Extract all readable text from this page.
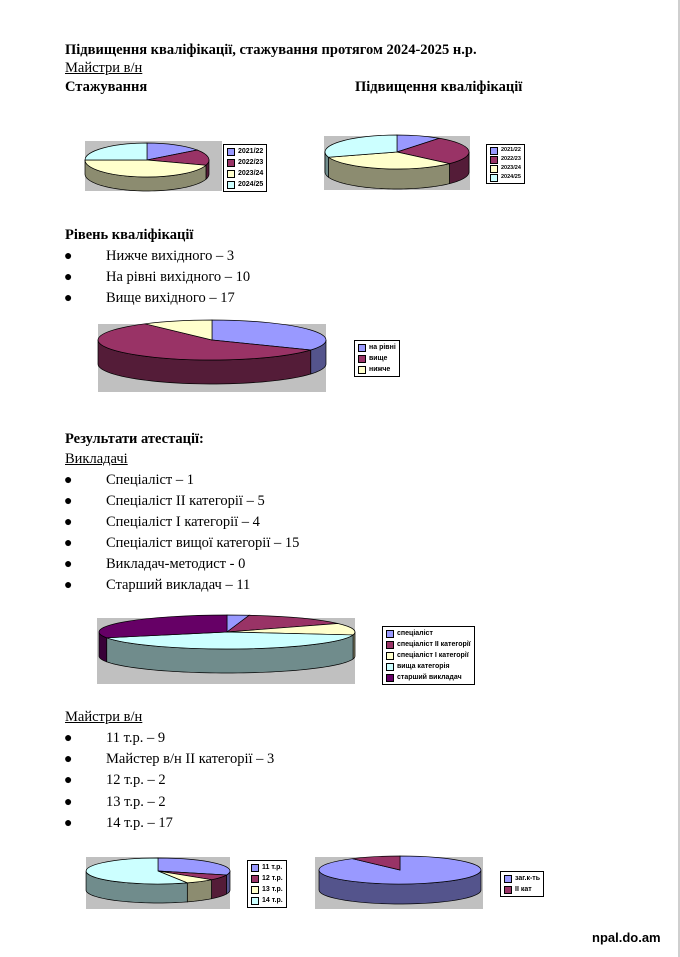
Підвищення кваліфікації, стажування протягом 2024-2025 н.р.
Майстри в/н
Стажування	Підвищення кваліфікації
2021/22
2022/23
2023/24
2024/25
2021/22
2022/23
2023/24
2024/25
Рівень кваліфікації
● Нижче вихідного – 3
● На рівні вихідного – 10
● Вище вихідного – 17
на рівні
вище
нижче
Результати атестації:
Викладачі
● Спеціаліст – 1
● Спеціаліст ІІ категорії – 5
● Спеціаліст І категорії – 4
● Спеціаліст вищої категорії – 15
● Викладач-методист - 0
● Старший викладач – 11
спеціаліст
спеціаліст ІІ категорії
спеціаліст І категорії
вища категорія
старший викладач
Майстри в/н
● 11 т.р. – 9
● Майстер в/н ІІ категорії – 3
● 12 т.р. – 2
● 13 т.р. – 2
● 14 т.р. – 17
11 т.р.
12 т.р.
13 т.р.
14 т.р.
заг.к-ть
ІІ кат
npal.do.am
